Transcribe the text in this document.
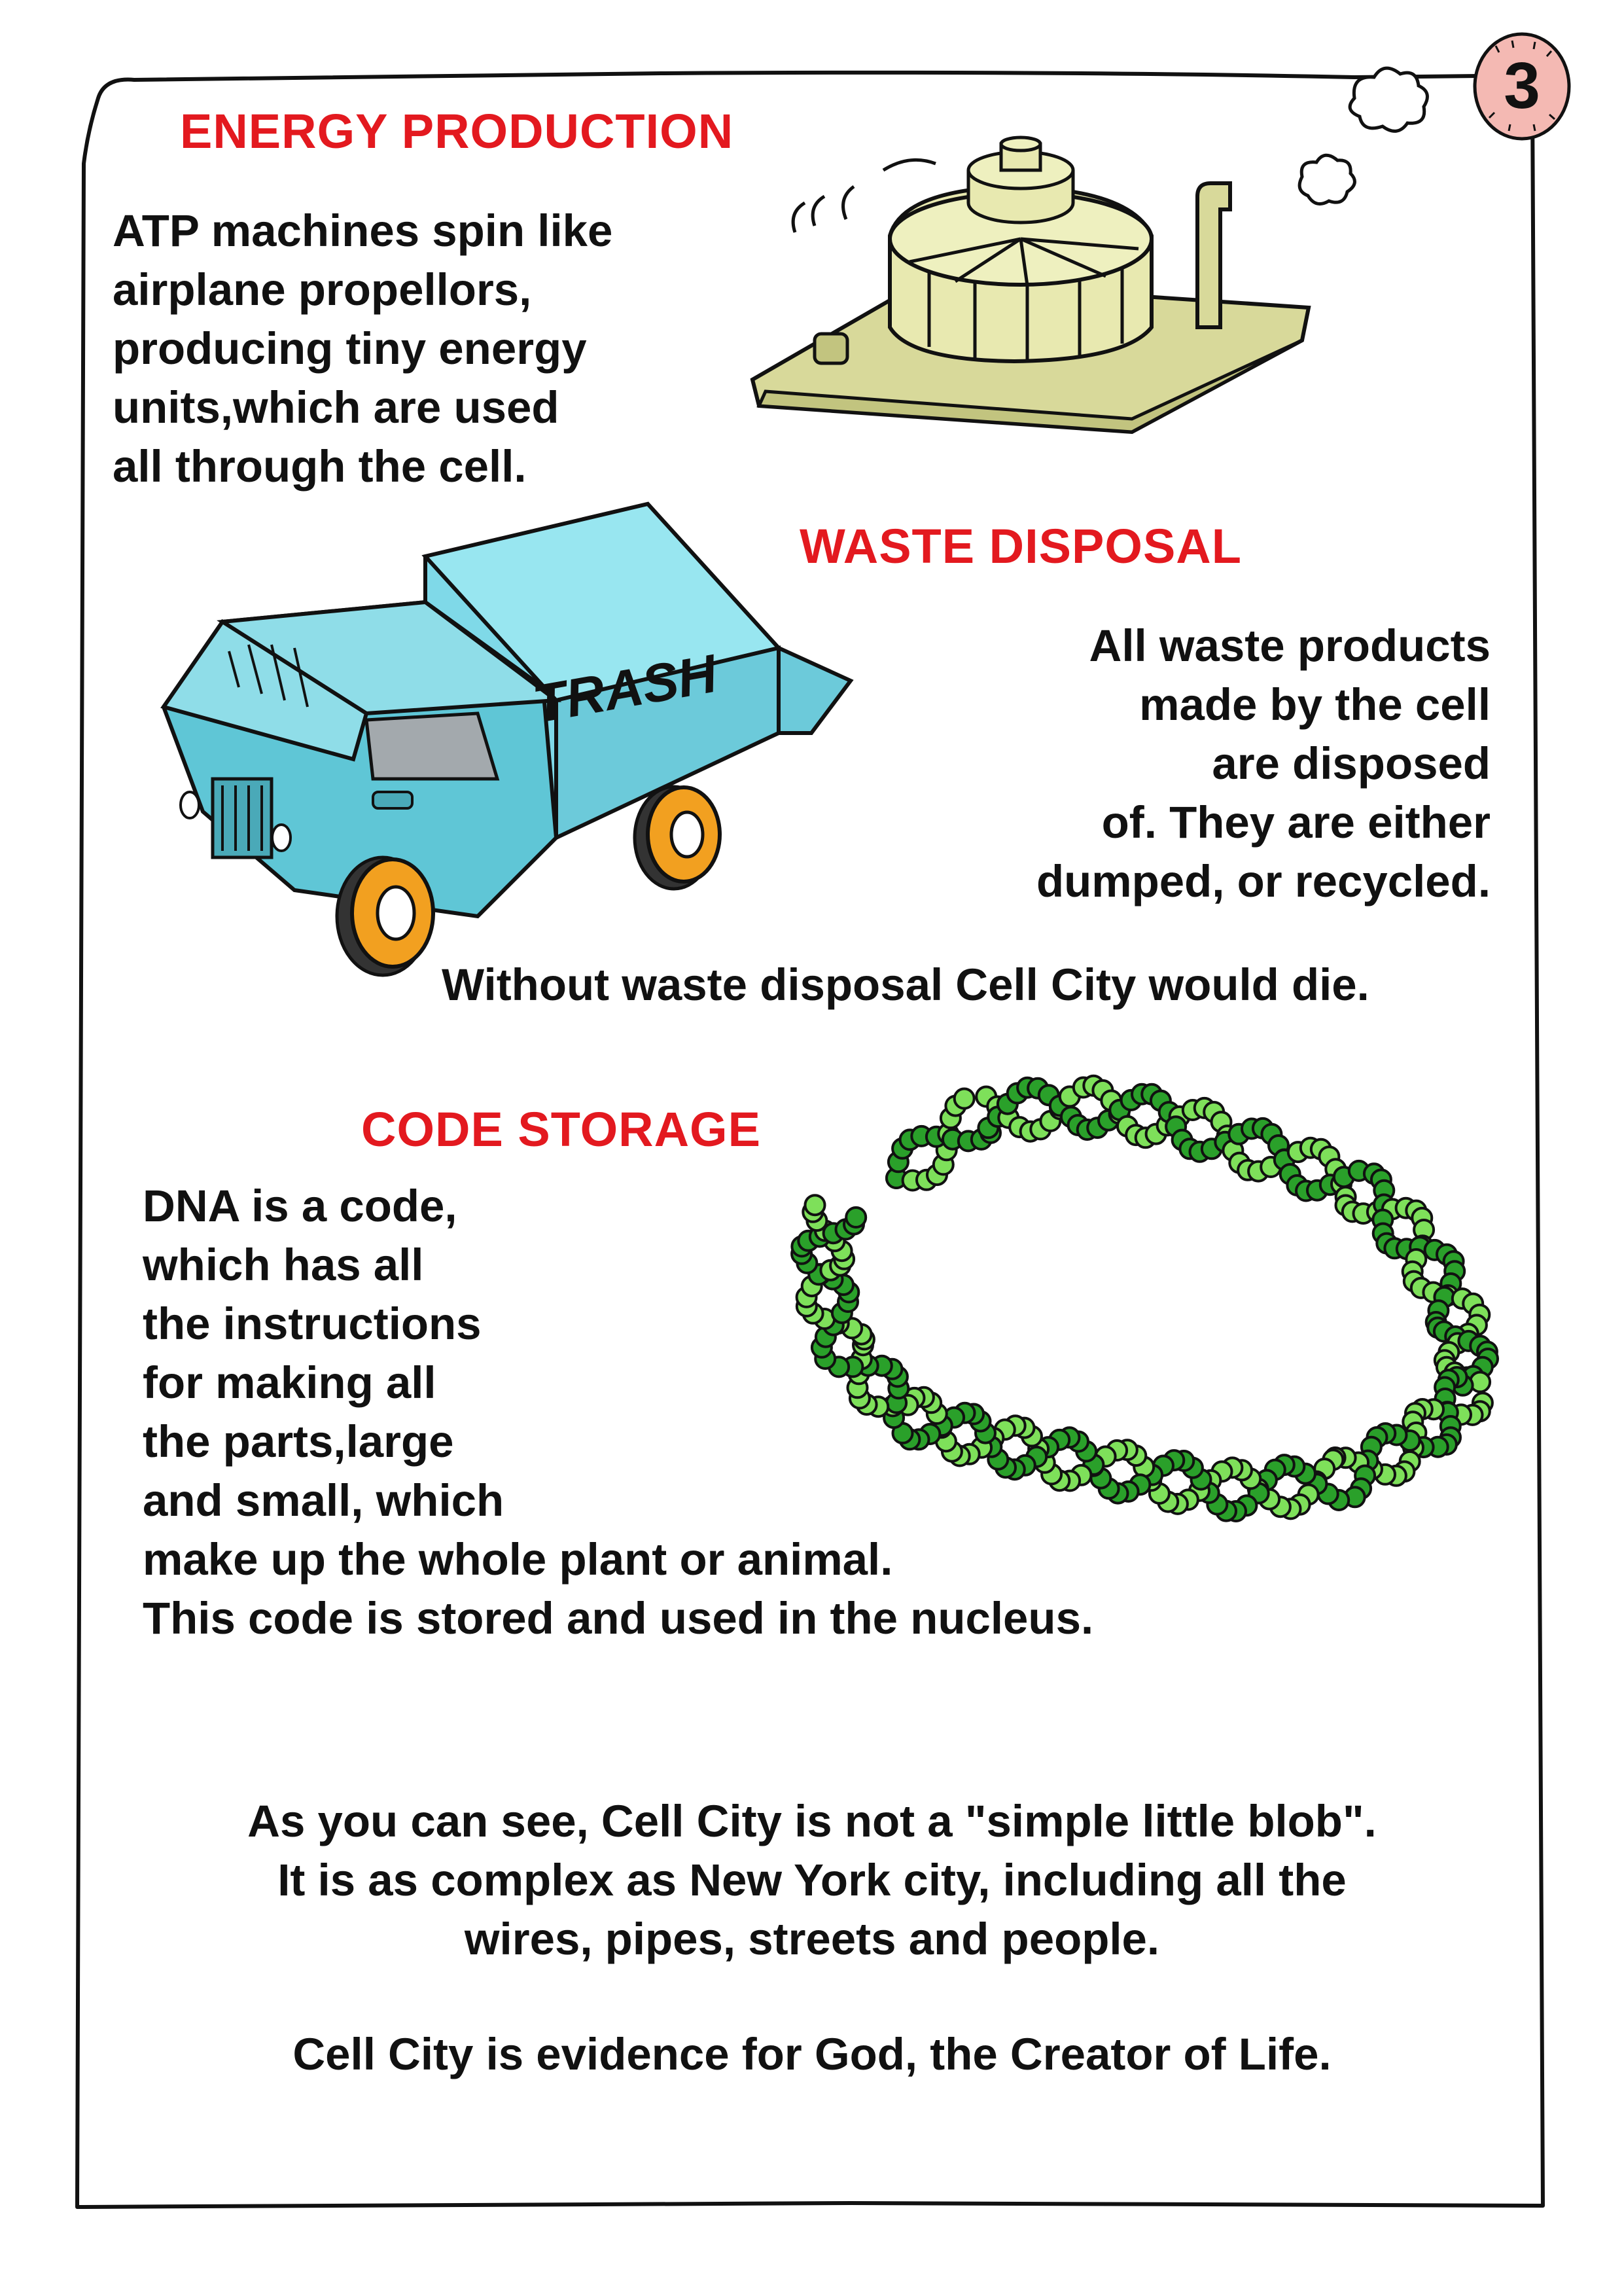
3
ENERGY PRODUCTION
ATP machines spin like
airplane propellors,
producing tiny energy
units,which are used
all through the cell.
WASTE DISPOSAL
All waste products
made by the cell
are disposed
of. They are either
dumped, or recycled.

Without waste disposal Cell City would die.

TRASH
CODE STORAGE
DNA is a code,
which has all
the instructions
for making all
the parts,large
and small, which
make up the whole plant or animal.
This code is stored and used in the nucleus.
As you can see, Cell City is not a "simple little blob".
It is as complex as New York city, including all the
wires, pipes, streets and people.

Cell City is evidence for God, the Creator of Life.
